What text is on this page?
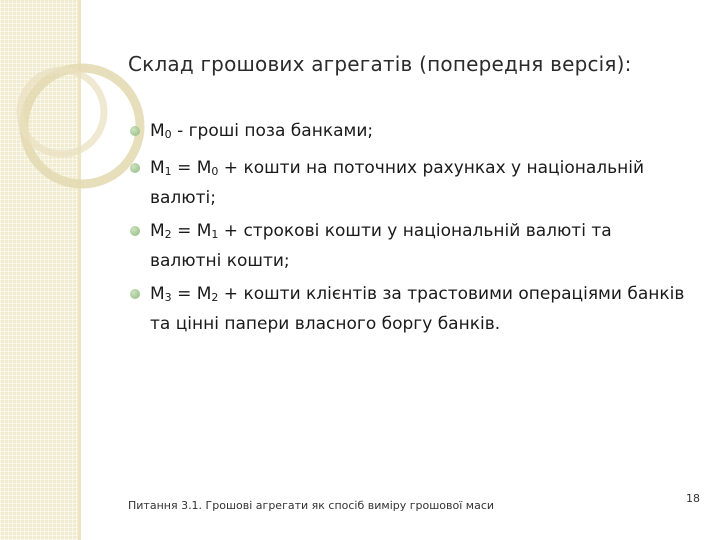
Склад грошових агрегатів (попередня версія):
$M_0$ - гроші поза банками;
$M_1 = M_0$ + кошти на поточних рахунках у національній валюті;
$M_2 = M_1$ + строкові кошти у національній валюті та валютні кошти;
$M_3 = M_2$ + кошти клієнтів за трастовими операціями банків та цінні папери власного боргу банків.
Питання 3.1. Грошові агрегати як спосіб виміру грошової маси
18
